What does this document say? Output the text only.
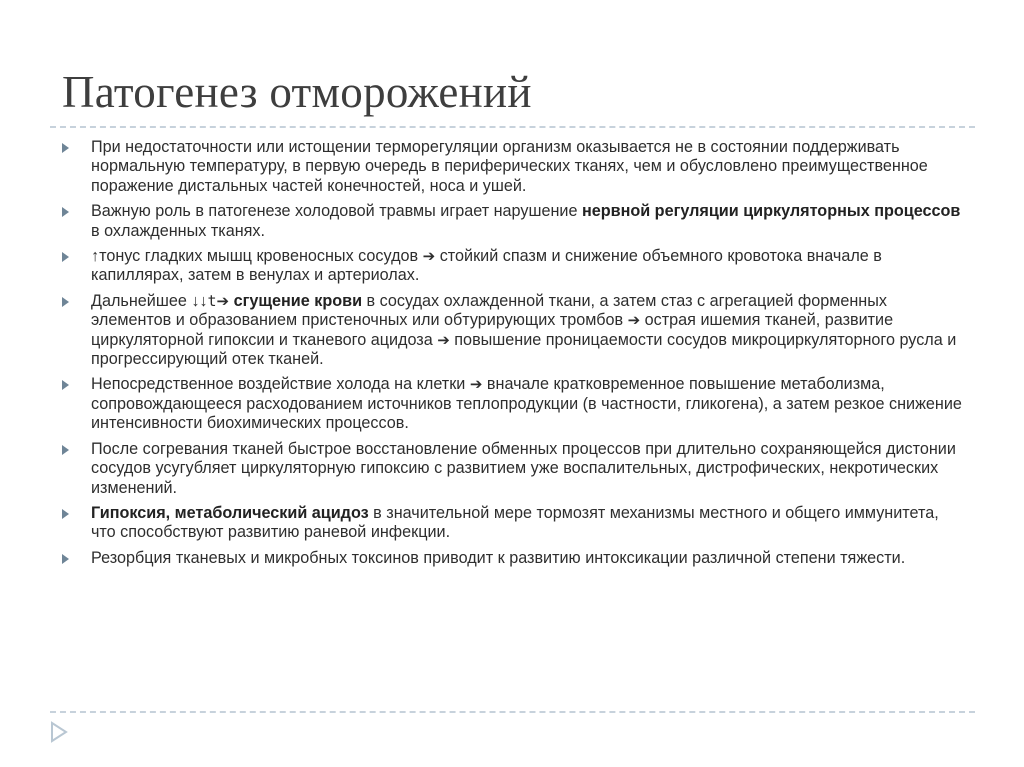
Патогенез отморожений
При недостаточности или истощении терморегуляции организм оказывается не в состоянии поддерживать нормальную температуру, в первую очередь в периферических тканях, чем и обусловлено преимущественное поражение дистальных частей конечностей, носа и ушей.
Важную роль в патогенезе холодовой травмы играет нарушение нервной регуляции циркуляторных процессов в охлажденных тканях.
↑тонус гладких мышц кровеносных сосудов ➔ стойкий спазм и снижение объемного кровотока вначале в капиллярах, затем в венулах и артериолах.
Дальнейшее ↓↓t➔ сгущение крови в сосудах охлажденной ткани, а затем стаз с агрегацией форменных элементов и образованием пристеночных или обтурирующих тромбов ➔ острая ишемия тканей, развитие циркуляторной гипоксии и тканевого ацидоза ➔ повышение проницаемости сосудов микроциркуляторного русла и прогрессирующий отек тканей.
Непосредственное воздействие холода на клетки ➔ вначале кратковременное повышение метаболизма, сопровождающееся расходованием источников теплопродукции (в частности, гликогена), а затем резкое снижение интенсивности биохимических процессов.
После согревания тканей быстрое восстановление обменных процессов при длительно сохраняющейся дистонии сосудов усугубляет циркуляторную гипоксию с развитием уже воспалительных, дистрофических, некротических изменений.
Гипоксия, метаболический ацидоз в значительной мере тормозят механизмы местного и общего иммунитета, что способствуют развитию раневой инфекции.
Резорбция тканевых и микробных токсинов приводит к развитию интоксикации различной степени тяжести.
